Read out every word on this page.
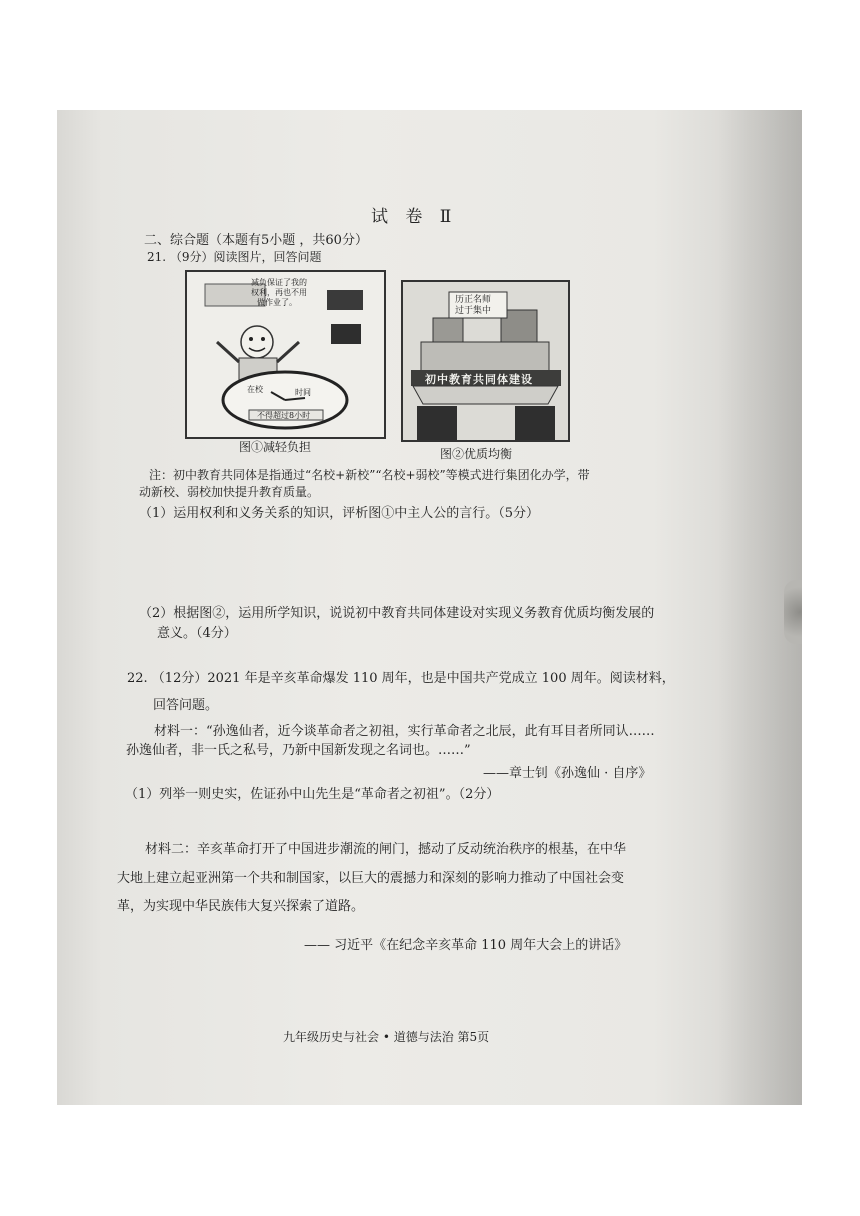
试 卷 Ⅱ
二、综合题（本题有5小题 ，共60分）
21. （9分）阅读图片，回答问题
减负保证了我的
权利，再也不用
做作业了。
在校	时间
不得超过8小时
图①减轻负担
历正名师
过于集中
初中教育共同体建设
图②优质均衡
注：初中教育共同体是指通过“名校+新校”“名校+弱校”等模式进行集团化办学，带
动新校、弱校加快提升教育质量。
（1）运用权利和义务关系的知识，评析图①中主人公的言行。（5分）
（2）根据图②，运用所学知识，说说初中教育共同体建设对实现义务教育优质均衡发展的
意义。（4分）
22. （12分）2021 年是辛亥革命爆发 110 周年，也是中国共产党成立 100 周年。阅读材料，
回答问题。
材料一：“孙逸仙者，近今谈革命者之初祖，实行革命者之北辰，此有耳目者所同认……
孙逸仙者，非一氏之私号，乃新中国新发现之名词也。……”
——章士钊《孙逸仙 · 自序》
（1）列举一则史实，佐证孙中山先生是“革命者之初祖”。（2分）
材料二：辛亥革命打开了中国进步潮流的闸门，撼动了反动统治秩序的根基，在中华
大地上建立起亚洲第一个共和制国家，以巨大的震撼力和深刻的影响力推动了中国社会变
革，为实现中华民族伟大复兴探索了道路。
—— 习近平《在纪念辛亥革命 110 周年大会上的讲话》
九年级历史与社会 • 道德与法治 第5页
